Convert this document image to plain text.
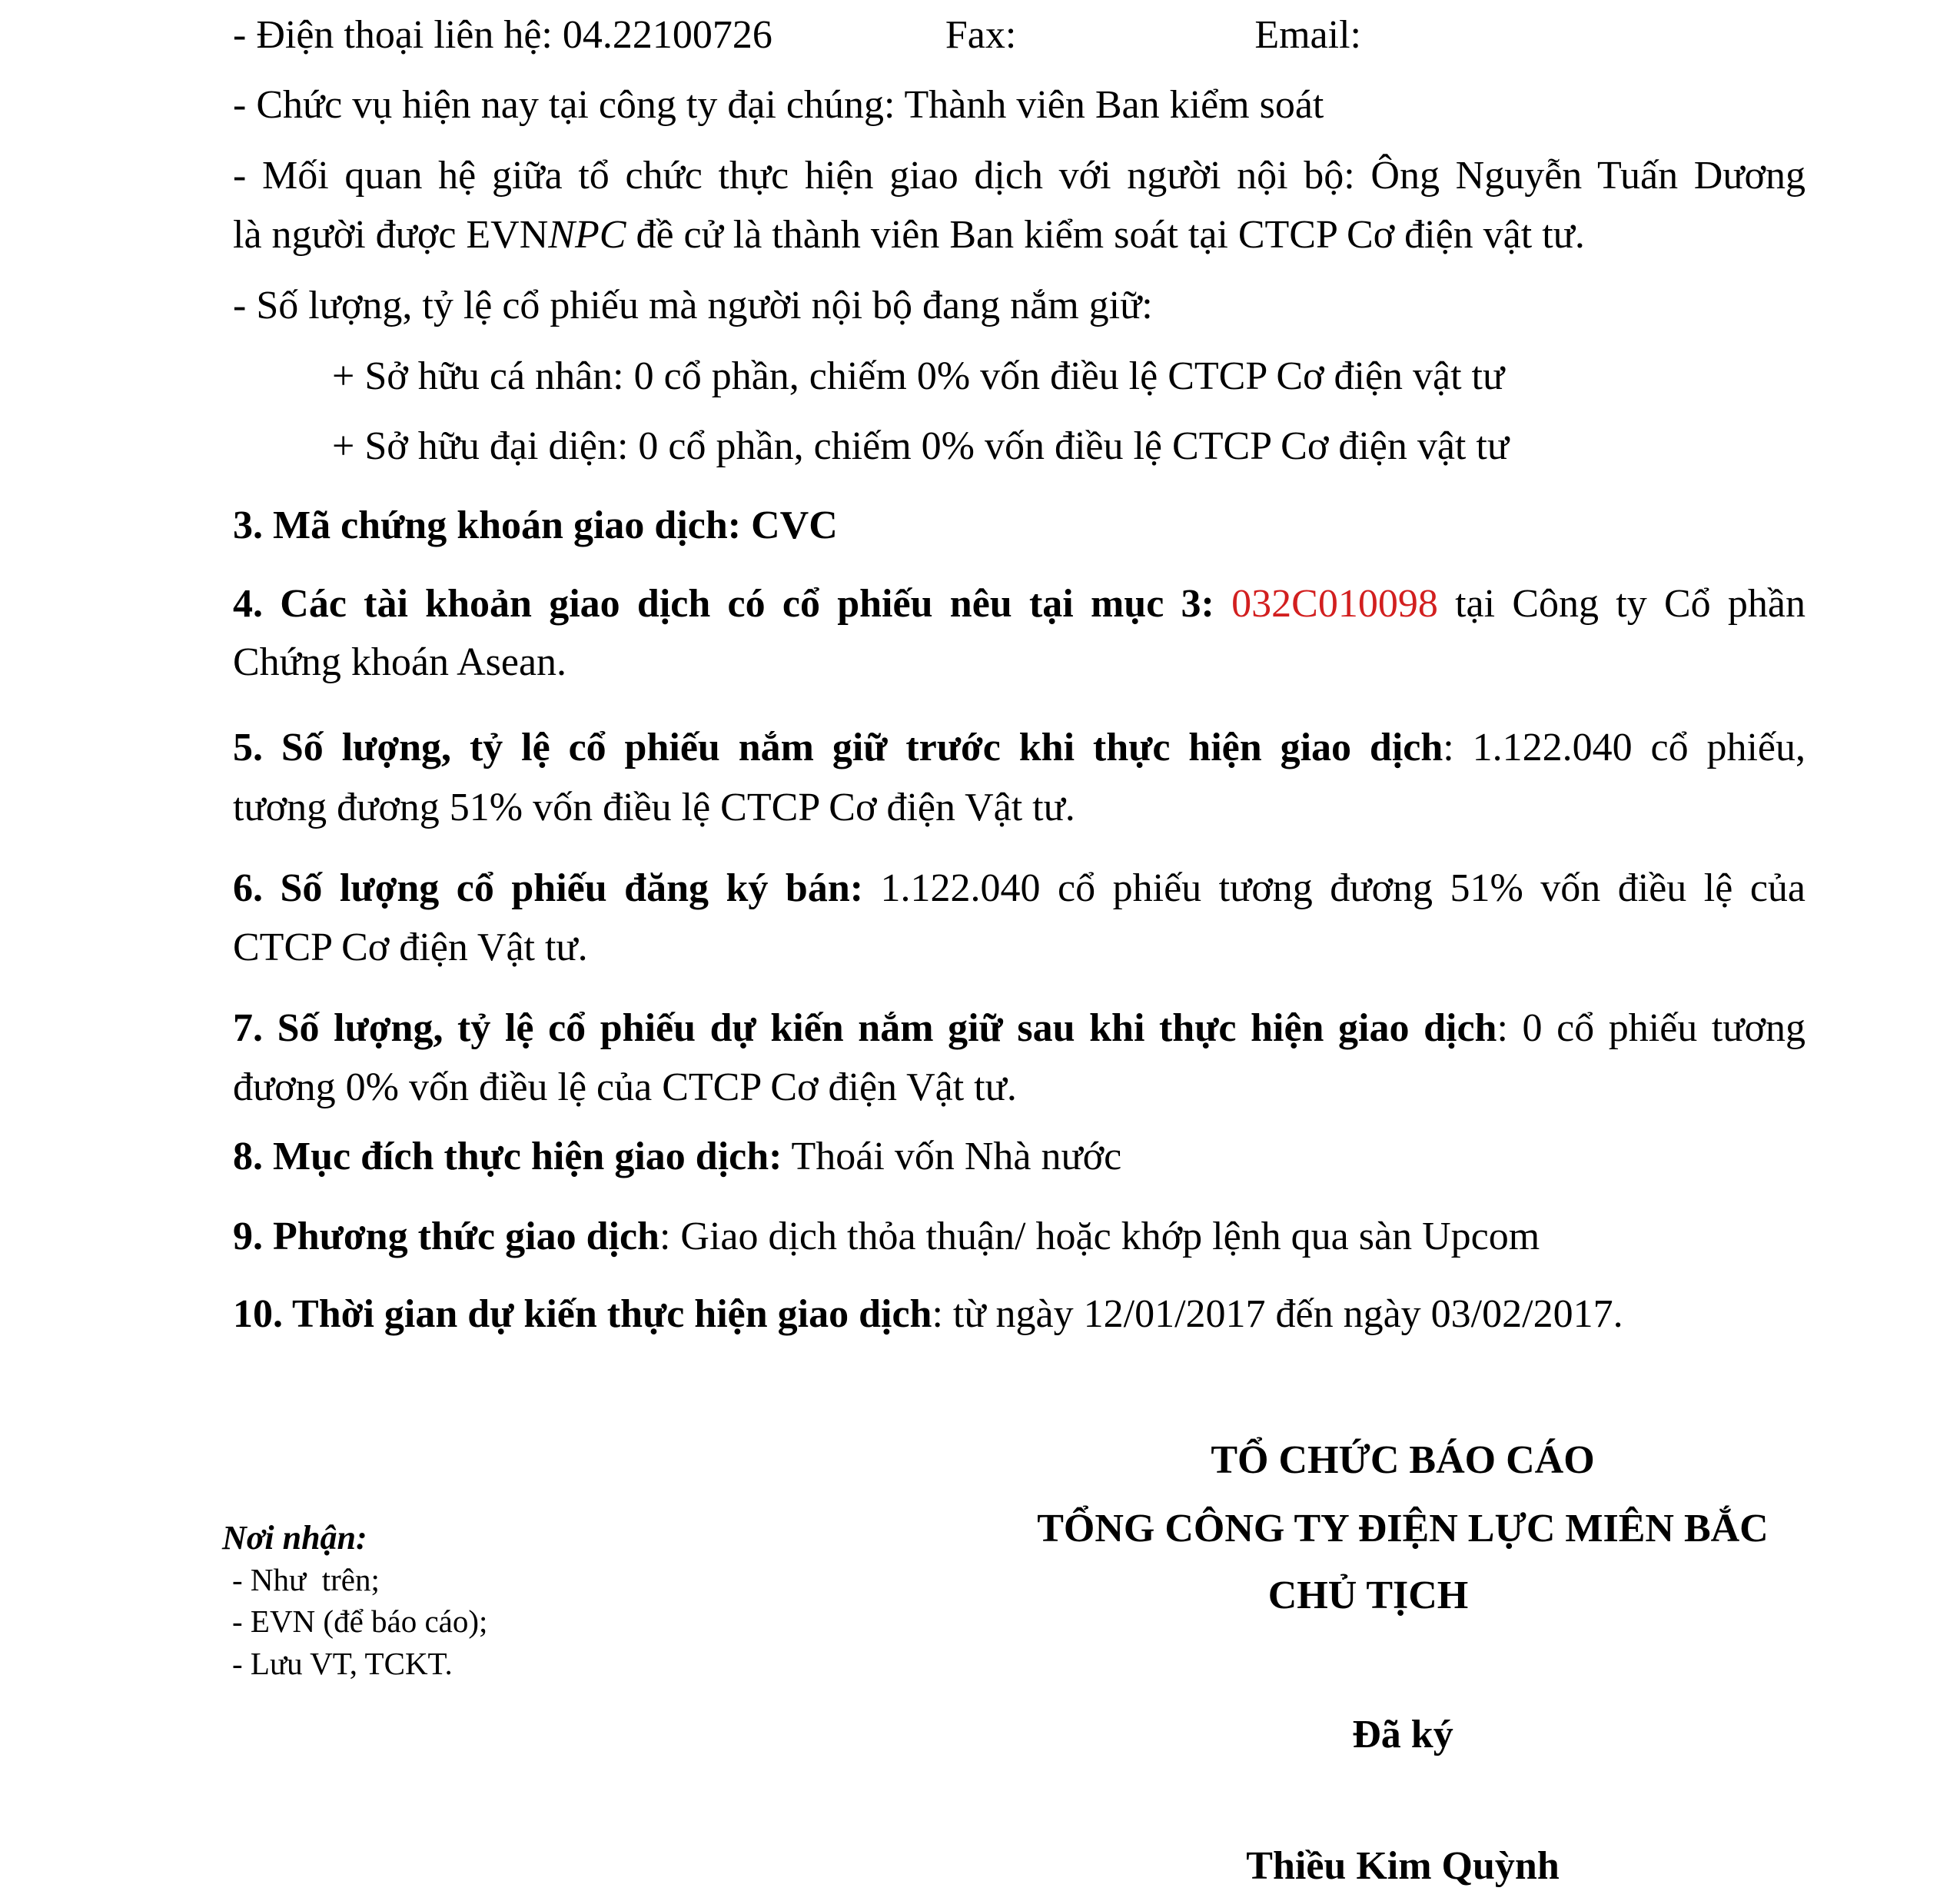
- Điện thoại liên hệ: 04.22100726	Fax:	Email:
- Chức vụ hiện nay tại công ty đại chúng: Thành viên Ban kiểm soát
- Mối quan hệ giữa tổ chức thực hiện giao dịch với người nội bộ: Ông Nguyễn Tuấn Dương
là người được EVNNPC đề cử là thành viên Ban kiểm soát tại CTCP Cơ điện vật tư.
- Số lượng, tỷ lệ cổ phiếu mà người nội bộ đang nắm giữ:
+ Sở hữu cá nhân: 0 cổ phần, chiếm 0% vốn điều lệ CTCP Cơ điện vật tư
+ Sở hữu đại diện: 0 cổ phần, chiếm 0% vốn điều lệ CTCP Cơ điện vật tư
3. Mã chứng khoán giao dịch: CVC
4. Các tài khoản giao dịch có cổ phiếu nêu tại mục 3: 032C010098 tại Công ty Cổ phần
Chứng khoán Asean.
5. Số lượng, tỷ lệ cổ phiếu nắm giữ trước khi thực hiện giao dịch: 1.122.040 cổ phiếu,
tương đương 51% vốn điều lệ CTCP Cơ điện Vật tư.
6. Số lượng cổ phiếu đăng ký bán: 1.122.040 cổ phiếu tương đương 51% vốn điều lệ của
CTCP Cơ điện Vật tư.
7. Số lượng, tỷ lệ cổ phiếu dự kiến nắm giữ sau khi thực hiện giao dịch: 0 cổ phiếu tương
đương 0% vốn điều lệ của CTCP Cơ điện Vật tư.
8. Mục đích thực hiện giao dịch: Thoái vốn Nhà nước
9. Phương thức giao dịch: Giao dịch thỏa thuận/ hoặc khớp lệnh qua sàn Upcom
10. Thời gian dự kiến thực hiện giao dịch: từ ngày 12/01/2017 đến ngày 03/02/2017.
TỔ CHỨC BÁO CÁO
TỔNG CÔNG TY ĐIỆN LỰC MIÊN BẮC
CHỦ TỊCH
Đã ký
Thiều Kim Quỳnh
Nơi nhận:
- Như  trên;
- EVN (để báo cáo);
- Lưu VT, TCKT.
